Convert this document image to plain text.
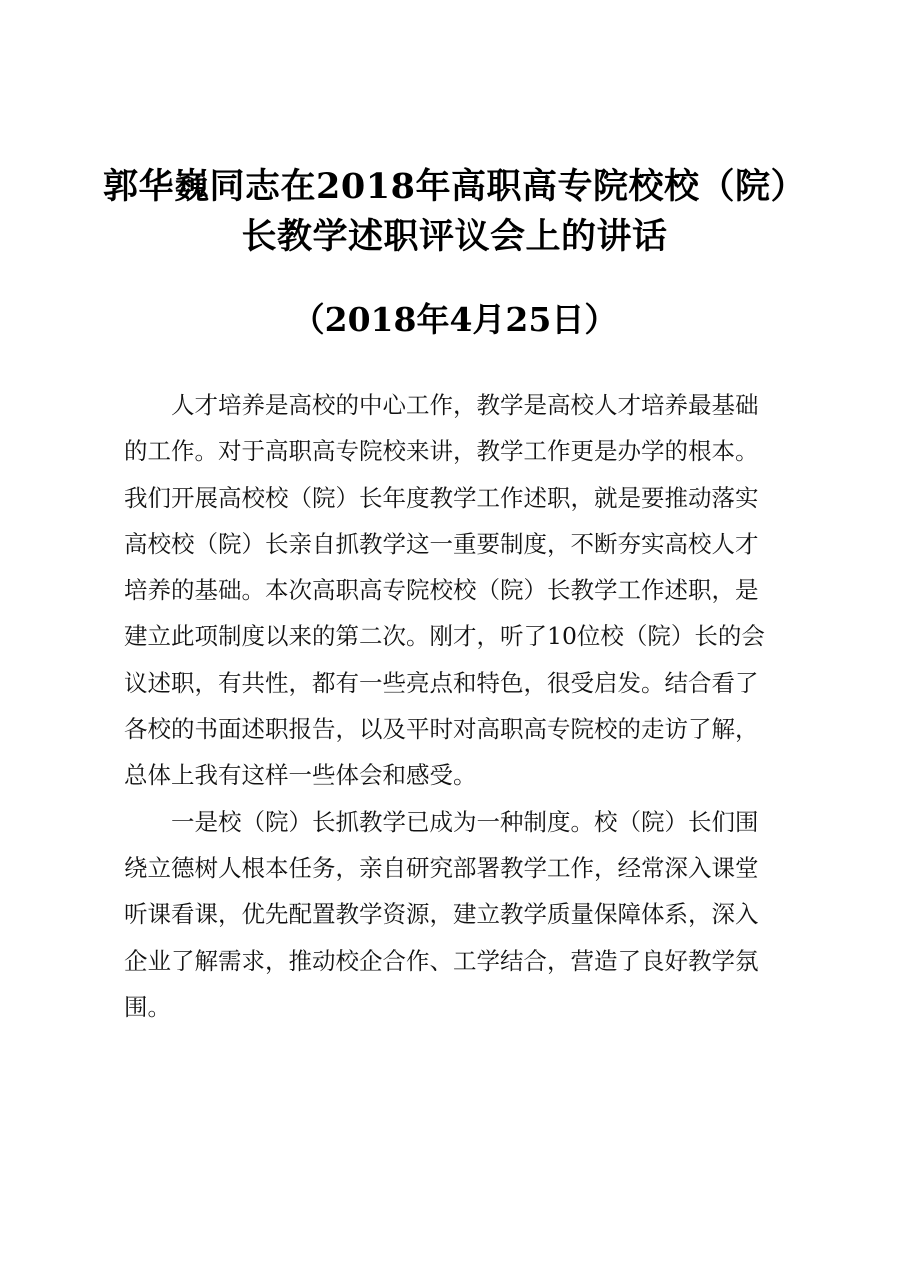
郭华巍同志在2018年高职高专院校校（院）
长教学述职评议会上的讲话
（2018年4月25日）
人才培养是高校的中心工作，教学是高校人才培养最基础
的工作。对于高职高专院校来讲，教学工作更是办学的根本。
我们开展高校校（院）长年度教学工作述职，就是要推动落实
高校校（院）长亲自抓教学这一重要制度，不断夯实高校人才
培养的基础。本次高职高专院校校（院）长教学工作述职，是
建立此项制度以来的第二次。刚才，听了10位校（院）长的会
议述职，有共性，都有一些亮点和特色，很受启发。结合看了
各校的书面述职报告，以及平时对高职高专院校的走访了解，
总体上我有这样一些体会和感受。
一是校（院）长抓教学已成为一种制度。校（院）长们围
绕立德树人根本任务，亲自研究部署教学工作，经常深入课堂
听课看课，优先配置教学资源，建立教学质量保障体系，深入
企业了解需求，推动校企合作、工学结合，营造了良好教学氛
围。
